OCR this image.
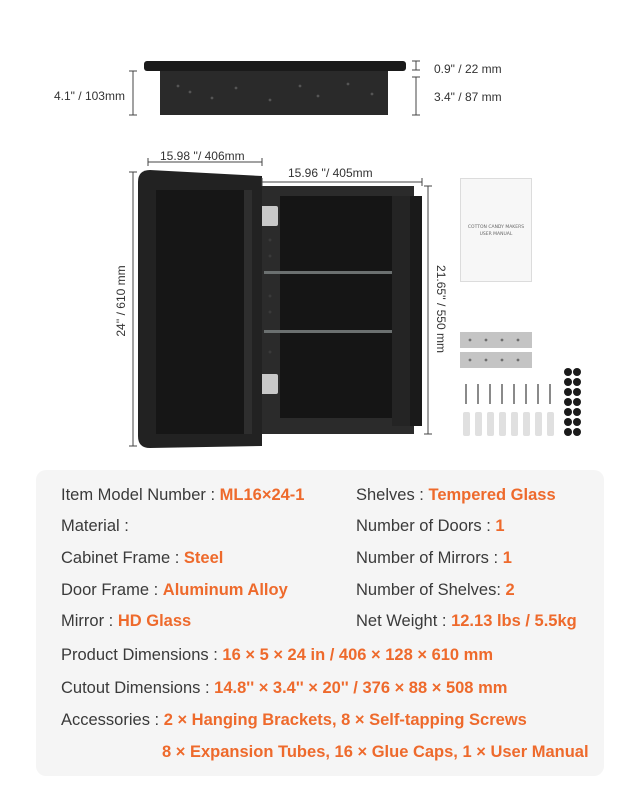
0.9" / 22 mm
4.1" / 103mm	3.4" / 87 mm
15.98 ''/ 406mm
15.96 ''/ 405mm
24'' / 610 mm	21.65'' / 550 mm
COTTON CANDY MAKERS
USER MANUAL
Item Model Number : ML16×24-1	Shelves : Tempered Glass
Material :	Number of Doors : 1
Cabinet Frame : Steel	Number of Mirrors : 1
Door Frame : Aluminum Alloy	Number of Shelves: 2
Mirror : HD Glass	Net Weight : 12.13 lbs / 5.5kg
Product Dimensions : 16 × 5 × 24 in / 406 × 128 × 610 mm
Cutout Dimensions : 14.8'' × 3.4'' × 20'' / 376 × 88 × 508 mm
Accessories : 2 × Hanging Brackets, 8 × Self-tapping Screws
8 × Expansion Tubes, 16 × Glue Caps, 1 × User Manual
